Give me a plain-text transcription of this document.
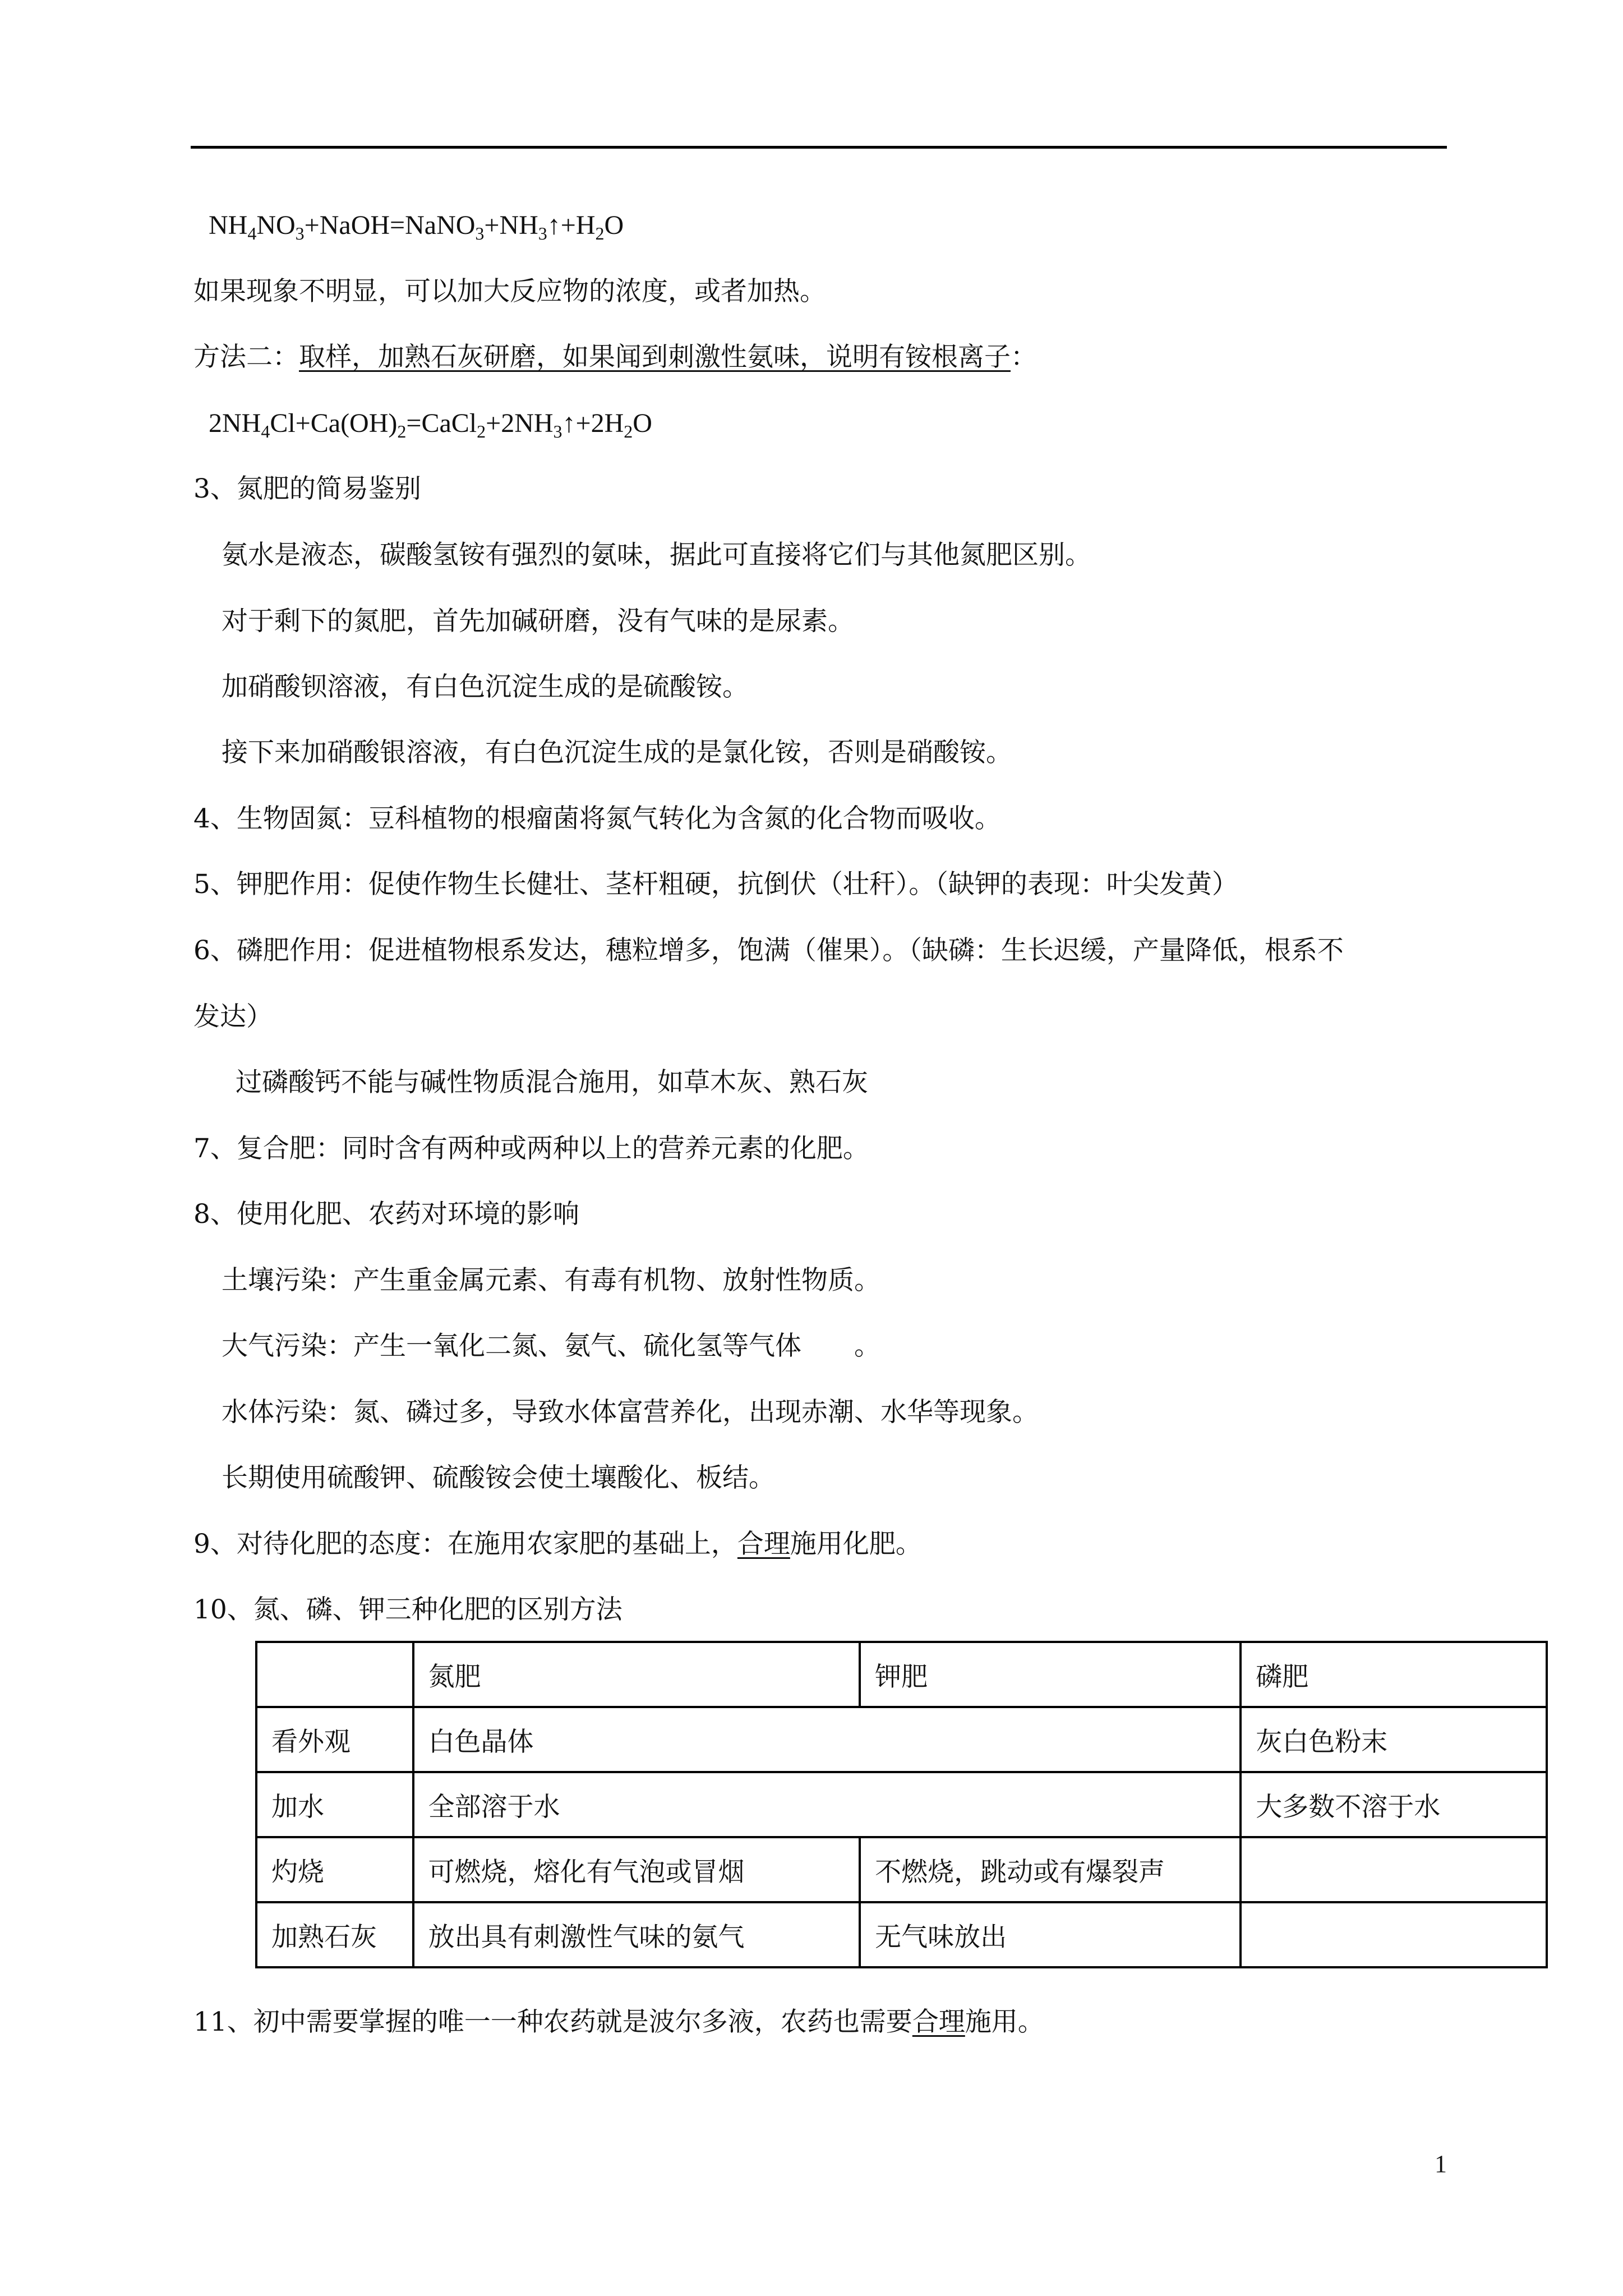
$NH_4NO_3+NaOH=NaNO_3+NH_3↑+H_2O$
如果现象不明显，可以加大反应物的浓度，或者加热。
方法二：取样，加熟石灰研磨，如果闻到刺激性氨味，说明有铵根离子：
$2NH_4Cl+Ca(OH)_2=CaCl_2+2NH_3↑+2H_2O$
3、氮肥的简易鉴别
氨水是液态，碳酸氢铵有强烈的氨味，据此可直接将它们与其他氮肥区别。
对于剩下的氮肥，首先加碱研磨，没有气味的是尿素。
加硝酸钡溶液，有白色沉淀生成的是硫酸铵。
接下来加硝酸银溶液，有白色沉淀生成的是氯化铵，否则是硝酸铵。
4、生物固氮：豆科植物的根瘤菌将氮气转化为含氮的化合物而吸收。
5、钾肥作用：促使作物生长健壮、茎杆粗硬，抗倒伏（壮秆）。（缺钾的表现：叶尖发黄）
6、磷肥作用：促进植物根系发达，穗粒增多，饱满（催果）。（缺磷：生长迟缓，产量降低，根系不
发达）
过磷酸钙不能与碱性物质混合施用，如草木灰、熟石灰
7、复合肥：同时含有两种或两种以上的营养元素的化肥。
8、使用化肥、农药对环境的影响
土壤污染：产生重金属元素、有毒有机物、放射性物质。
大气污染：产生一氧化二氮、氨气、硫化氢等气体　　。
水体污染：氮、磷过多，导致水体富营养化，出现赤潮、水华等现象。
长期使用硫酸钾、硫酸铵会使土壤酸化、板结。
9、对待化肥的态度：在施用农家肥的基础上，合理施用化肥。
10、氮、磷、钾三种化肥的区别方法
	氮肥	钾肥	磷肥
看外观	白色晶体		灰白色粉末
加水	全部溶于水		大多数不溶于水
灼烧	可燃烧，熔化有气泡或冒烟	不燃烧，跳动或有爆裂声	
加熟石灰	放出具有刺激性气味的氨气	无气味放出	
11、初中需要掌握的唯一一种农药就是波尔多液，农药也需要合理施用。
1
